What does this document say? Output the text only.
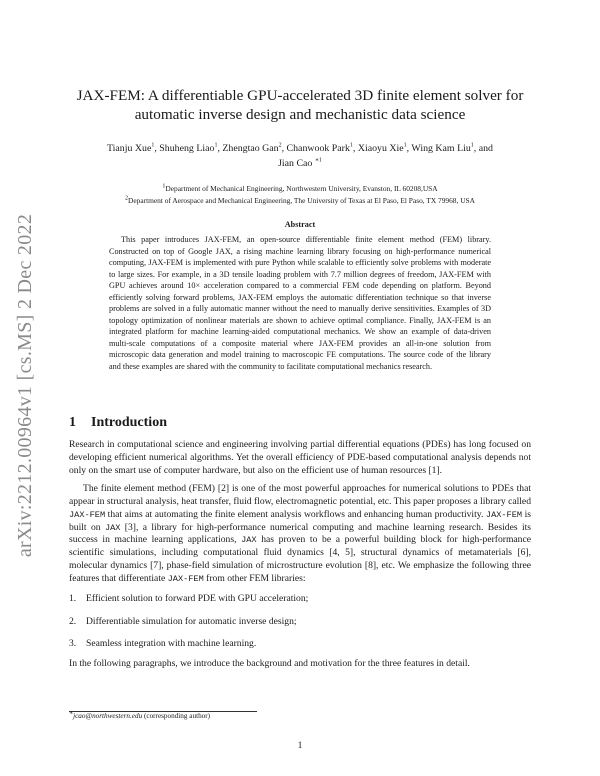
arXiv:2212.00964v1 [cs.MS] 2 Dec 2022
JAX-FEM: A differentiable GPU-accelerated 3D finite element solver for
automatic inverse design and mechanistic data science
Tianju Xue$^1$, Shuheng Liao$^1$, Zhengtao Gan$^2$, Chanwook Park$^1$, Xiaoyu Xie$^1$, Wing Kam Liu$^1$, and
Jian Cao $^{∗1}$
$^1$Department of Mechanical Engineering, Northwestern University, Evanston, IL 60208,USA
$^2$Department of Aerospace and Mechanical Engineering, The University of Texas at El Paso, El Paso, TX 79968, USA
Abstract

This paper introduces JAX-FEM, an open-source differentiable finite element method (FEM) library. Constructed on top of Google JAX, a rising machine learning library focusing on high-performance numerical computing, JAX-FEM is implemented with pure Python while scalable to efficiently solve problems with moderate to large sizes. For example, in a 3D tensile loading problem with 7.7 million degrees of freedom, JAX-FEM with GPU achieves around 10× acceleration compared to a commercial FEM code depending on platform. Beyond efficiently solving forward problems, JAX-FEM employs the automatic differentiation technique so that inverse problems are solved in a fully automatic manner without the need to manually derive sensitivities. Examples of 3D topology optimization of nonlinear materials are shown to achieve optimal compliance. Finally, JAX-FEM is an integrated platform for machine learning-aided computational mechanics. We show an example of data-driven multi-scale computations of a composite material where JAX-FEM provides an all-in-one solution from microscopic data generation and model training to macroscopic FE computations. The source code of the library and these examples are shared with the community to facilitate computational mechanics research.

1 Introduction

Research in computational science and engineering involving partial differential equations (PDEs) has long focused on developing efficient numerical algorithms. Yet the overall efficiency of PDE-based computational analysis depends not only on the smart use of computer hardware, but also on the efficient use of human resources [1].

The finite element method (FEM) [2] is one of the most powerful approaches for numerical solutions to PDEs that appear in structural analysis, heat transfer, fluid flow, electromagnetic potential, etc. This paper proposes a library called JAX-FEM that aims at automating the finite element analysis workflows and enhancing human productivity. JAX-FEM is built on JAX [3], a library for high-performance numerical computing and machine learning research. Besides its success in machine learning applications, JAX has proven to be a powerful building block for high-performance scientific simulations, including computational fluid dynamics [4, 5], structural dynamics of metamaterials [6], molecular dynamics [7], phase-field simulation of microstructure evolution [8], etc. We emphasize the following three features that differentiate JAX-FEM from other FEM libraries:

1.	Efficient solution to forward PDE with GPU acceleration;
2.	Differentiable simulation for automatic inverse design;
3.	Seamless integration with machine learning.

In the following paragraphs, we introduce the background and motivation for the three features in detail.

∗jcao@northwestern.edu (corresponding author)
1
